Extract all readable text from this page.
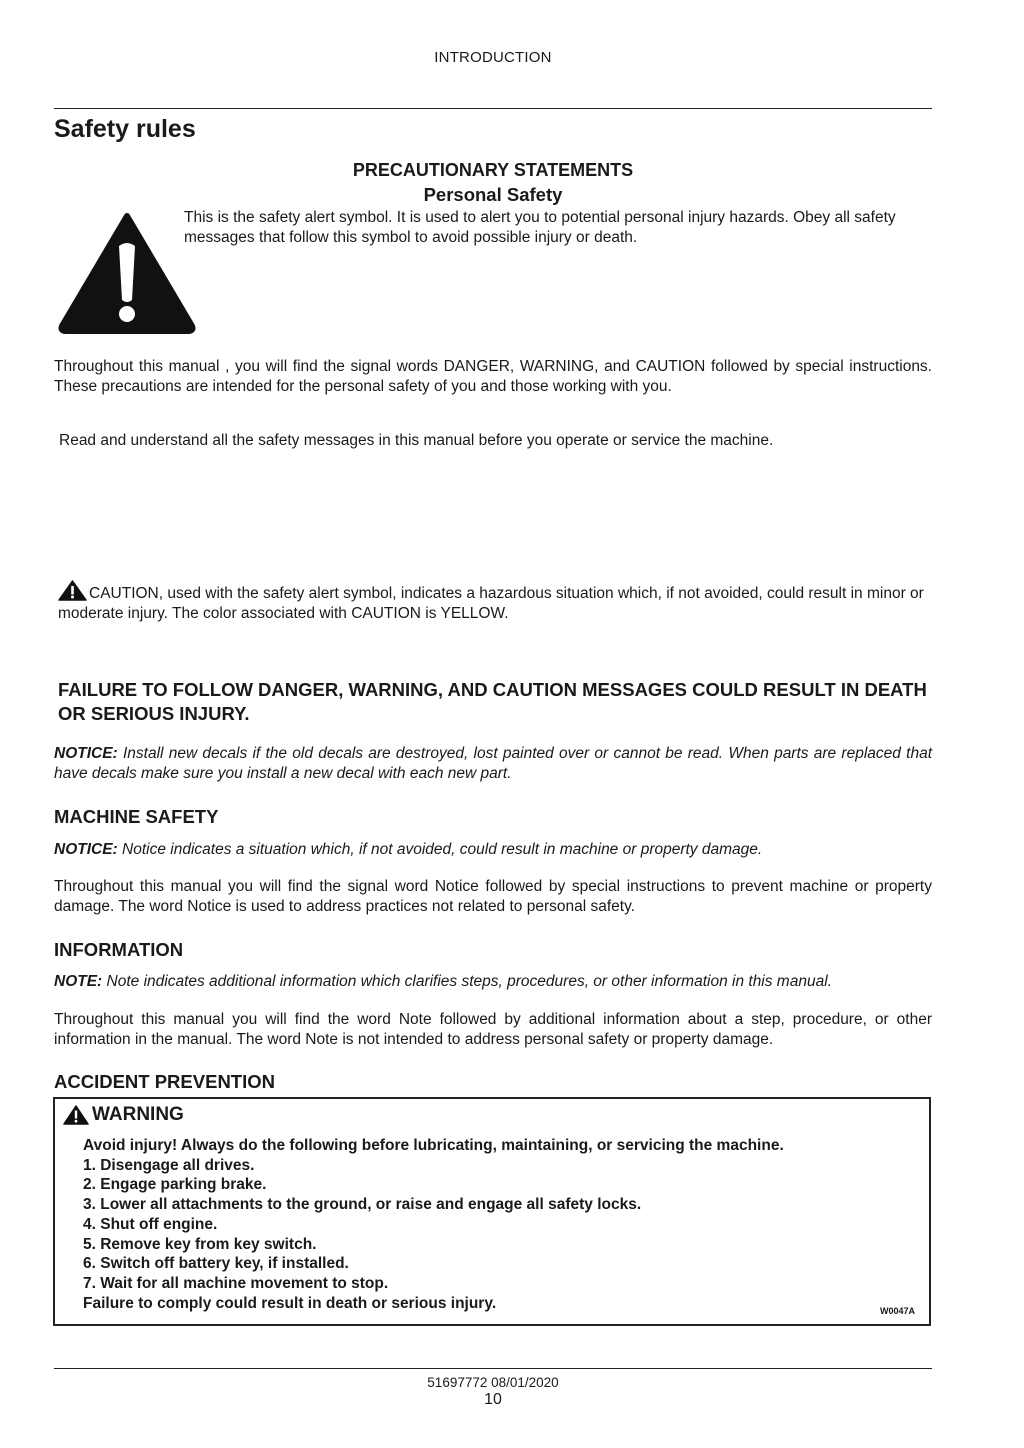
INTRODUCTION
Safety rules
PRECAUTIONARY STATEMENTS
Personal Safety
This is the safety alert symbol. It is used to alert you to potential personal injury hazards. Obey all safety messages that follow this symbol to avoid possible injury or death.
Throughout this manual , you will find the signal words DANGER, WARNING, and CAUTION followed by special instructions. These precautions are intended for the personal safety of you and those working with you.
Read and understand all the safety messages in this manual before you operate or service the machine.
CAUTION, used with the safety alert symbol, indicates a hazardous situation which, if not avoided, could result in minor or moderate injury. The color associated with CAUTION is YELLOW.
FAILURE TO FOLLOW DANGER, WARNING, AND CAUTION MESSAGES COULD RESULT IN DEATH OR SERIOUS INJURY.
NOTICE: Install new decals if the old decals are destroyed, lost painted over or cannot be read. When parts are replaced that have decals make sure you install a new decal with each new part.
MACHINE SAFETY
NOTICE: Notice indicates a situation which, if not avoided, could result in machine or property damage.
Throughout this manual you will find the signal word Notice followed by special instructions to prevent machine or property damage. The word Notice is used to address practices not related to personal safety.
INFORMATION
NOTE: Note indicates additional information which clarifies steps, procedures, or other information in this manual.
Throughout this manual you will find the word Note followed by additional information about a step, procedure, or other information in the manual. The word Note is not intended to address personal safety or property damage.
ACCIDENT PREVENTION
WARNING
Avoid injury! Always do the following before lubricating, maintaining, or servicing the machine.
1. Disengage all drives.
2. Engage parking brake.
3. Lower all attachments to the ground, or raise and engage all safety locks.
4. Shut off engine.
5. Remove key from key switch.
6. Switch off battery key, if installed.
7. Wait for all machine movement to stop.
Failure to comply could result in death or serious injury.	W0047A
51697772 08/01/2020
10
